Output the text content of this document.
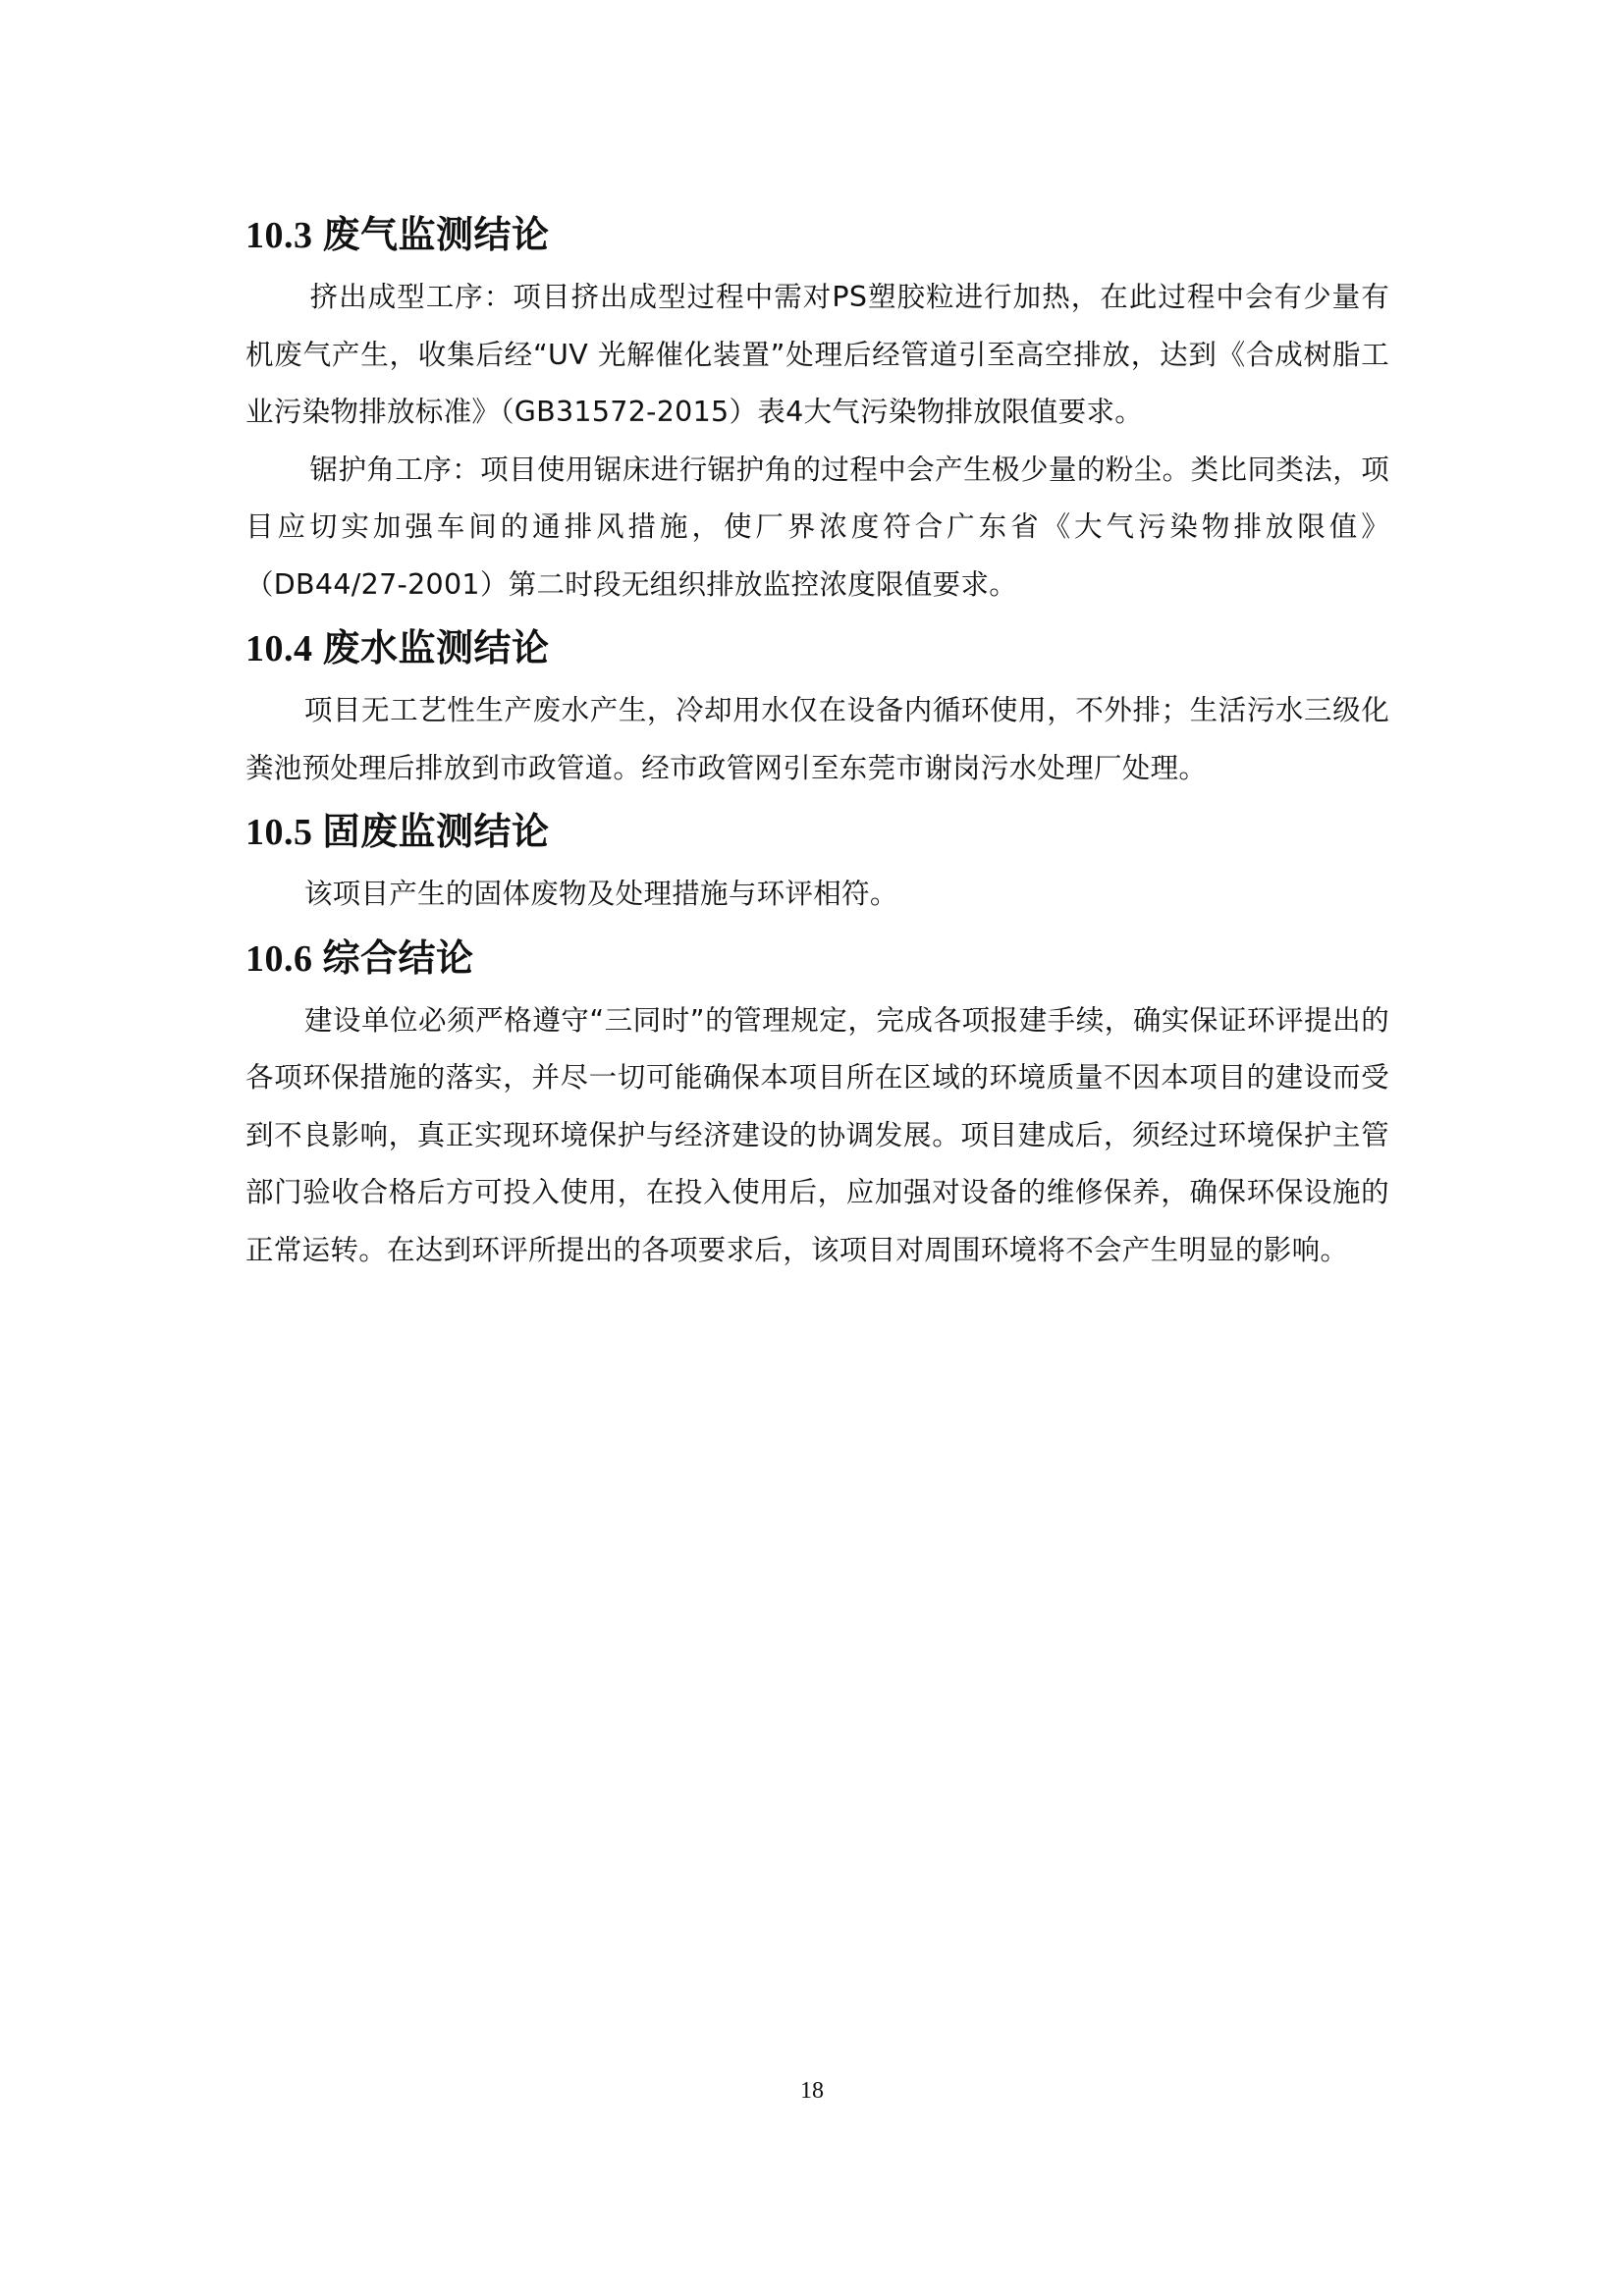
10.3 废气监测结论

挤出成型工序：项目挤出成型过程中需对PS塑胶粒进行加热，在此过程中会有少量有机废气产生，收集后经“UV 光解催化装置”处理后经管道引至高空排放，达到《合成树脂工业污染物排放标准》（GB31572-2015）表4大气污染物排放限值要求。

锯护角工序：项目使用锯床进行锯护角的过程中会产生极少量的粉尘。类比同类法，项目应切实加强车间的通排风措施，使厂界浓度符合广东省《大气污染物排放限值》（DB44/27-2001）第二时段无组织排放监控浓度限值要求。

10.4 废水监测结论

项目无工艺性生产废水产生，冷却用水仅在设备内循环使用，不外排；生活污水三级化粪池预处理后排放到市政管道。经市政管网引至东莞市谢岗污水处理厂处理。

10.5 固废监测结论

该项目产生的固体废物及处理措施与环评相符。

10.6 综合结论

建设单位必须严格遵守“三同时”的管理规定，完成各项报建手续，确实保证环评提出的各项环保措施的落实，并尽一切可能确保本项目所在区域的环境质量不因本项目的建设而受到不良影响，真正实现环境保护与经济建设的协调发展。项目建成后，须经过环境保护主管部门验收合格后方可投入使用，在投入使用后，应加强对设备的维修保养，确保环保设施的正常运转。在达到环评所提出的各项要求后，该项目对周围环境将不会产生明显的影响。

18
